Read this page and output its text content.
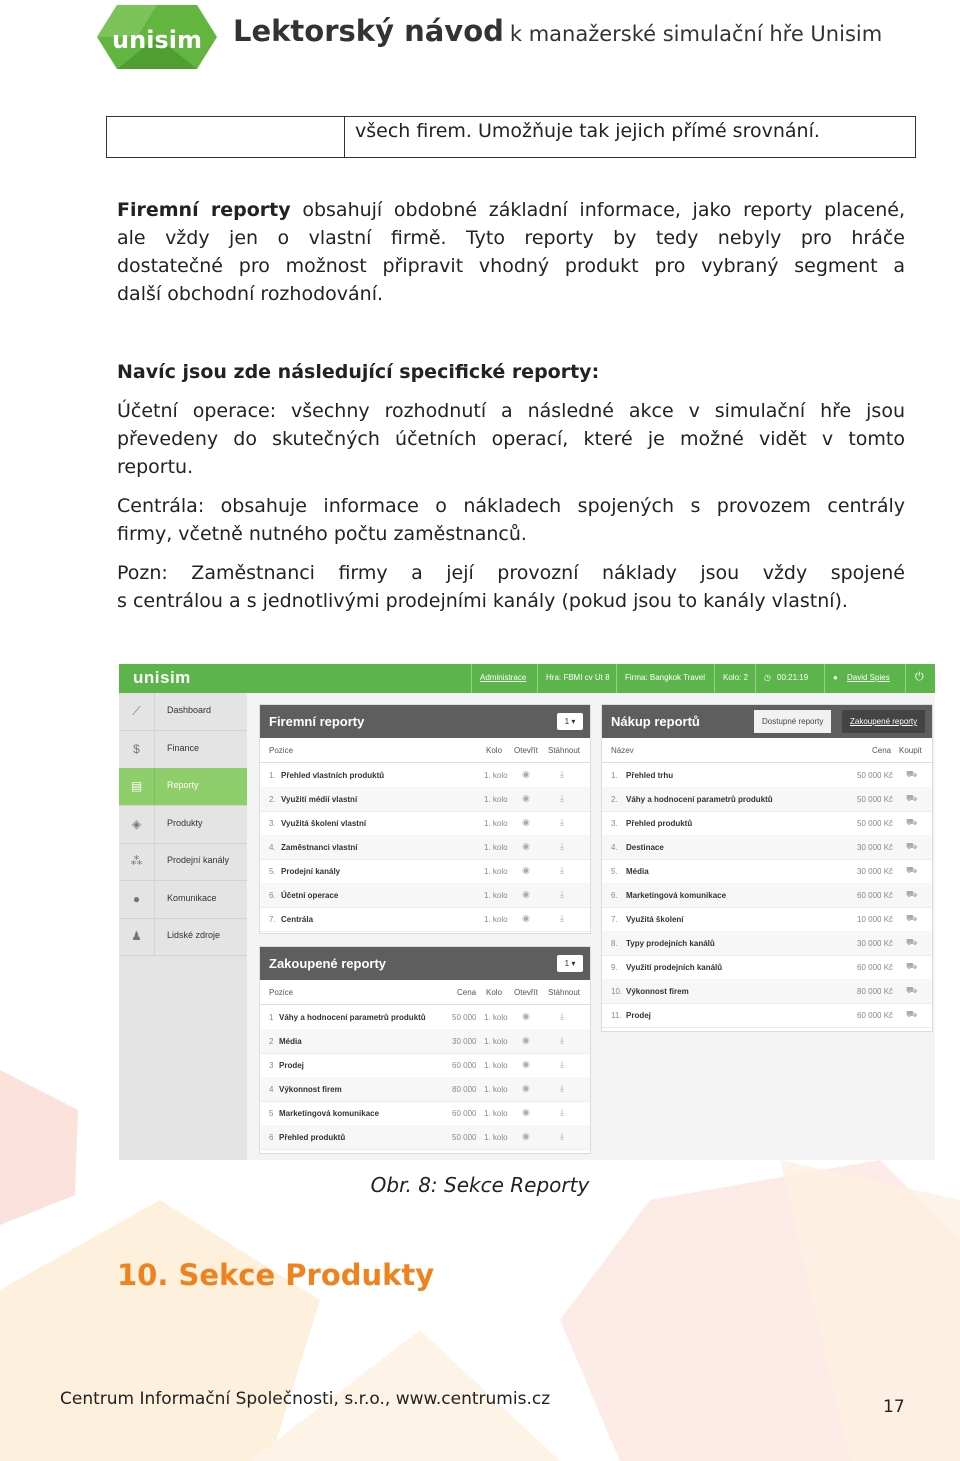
unisim Lektorský návod k manažerské simulační hře Unisim
všech firem. Umožňuje tak jejich přímé srovnání.
Firemní reporty obsahují obdobné základní informace, jako reporty placené,
ale vždy jen o vlastní firmě. Tyto reporty by tedy nebyly pro hráče
dostatečné pro možnost připravit vhodný produkt pro vybraný segment a
další obchodní rozhodování.
Navíc jsou zde následující specifické reporty:
Účetní operace: všechny rozhodnutí a následné akce v simulační hře jsou
převedeny do skutečných účetních operací, které je možné vidět v tomto
reportu.
Centrála: obsahuje informace o nákladech spojených s provozem centrály
firmy, včetně nutného počtu zaměstnanců.
Pozn: Zaměstnanci firmy a její provozní náklady jsou vždy spojené
s centrálou a s jednotlivými prodejními kanály (pokud jsou to kanály vlastní).
unisim	Administrace Hra: FBMI cv Ut 8 Firma: Bangkok Travel Kolo: 2 ◷ 00:21:19	● David Spies ⏻
⟋	Dashboard
$	Finance
▤	Reporty
◈	Produkty
⁂	Prodejní kanály
●	Komunikace
♟	Lidské zdroje
Firemní reporty	1 ▾
Pozice	Kolo Otevřít Stáhnout
1. Přehled vlastních produktů	1. kolo ◉	⤓
2. Využití médií vlastní	1. kolo ◉	⤓
3. Využitá školení vlastní	1. kolo ◉	⤓
4. Zaměstnanci vlastní	1. kolo ◉	⤓
5. Prodejní kanály	1. kolo ◉	⤓
6. Účetní operace	1. kolo ◉	⤓
7. Centrála	1. kolo ◉	⤓
Zakoupené reporty	1 ▾
Pozice	Cena Kolo Otevřít Stáhnout
1 Váhy a hodnocení parametrů produktů	50 000 1. kolo ◉	⤓
2 Média	30 000 1. kolo ◉	⤓
3 Prodej	60 000 1. kolo ◉	⤓
4 Výkonnost firem	80 000 1. kolo ◉	⤓
5 Marketingová komunikace	60 000 1. kolo ◉	⤓
6 Přehled produktů	50 000 1. kolo ◉	⤓
Nákup reportů	Dostupné reporty	Zakoupené reporty
Název	Cena Koupit
1. Přehled trhu	50 000 Kč ⛟
2. Váhy a hodnocení parametrů produktů	50 000 Kč ⛟
3. Přehled produktů	50 000 Kč ⛟
4. Destinace	30 000 Kč ⛟
5. Média	30 000 Kč ⛟
6. Marketingová komunikace	60 000 Kč ⛟
7. Využitá školení	10 000 Kč ⛟
8. Typy prodejních kanálů	30 000 Kč ⛟
9. Využití prodejních kanálů	60 000 Kč ⛟
10. Výkonnost firem	80 000 Kč ⛟
11. Prodej	60 000 Kč ⛟
Obr. 8: Sekce Reporty
10. Sekce Produkty
Centrum Informační Společnosti, s.r.o., www.centrumis.cz	17
